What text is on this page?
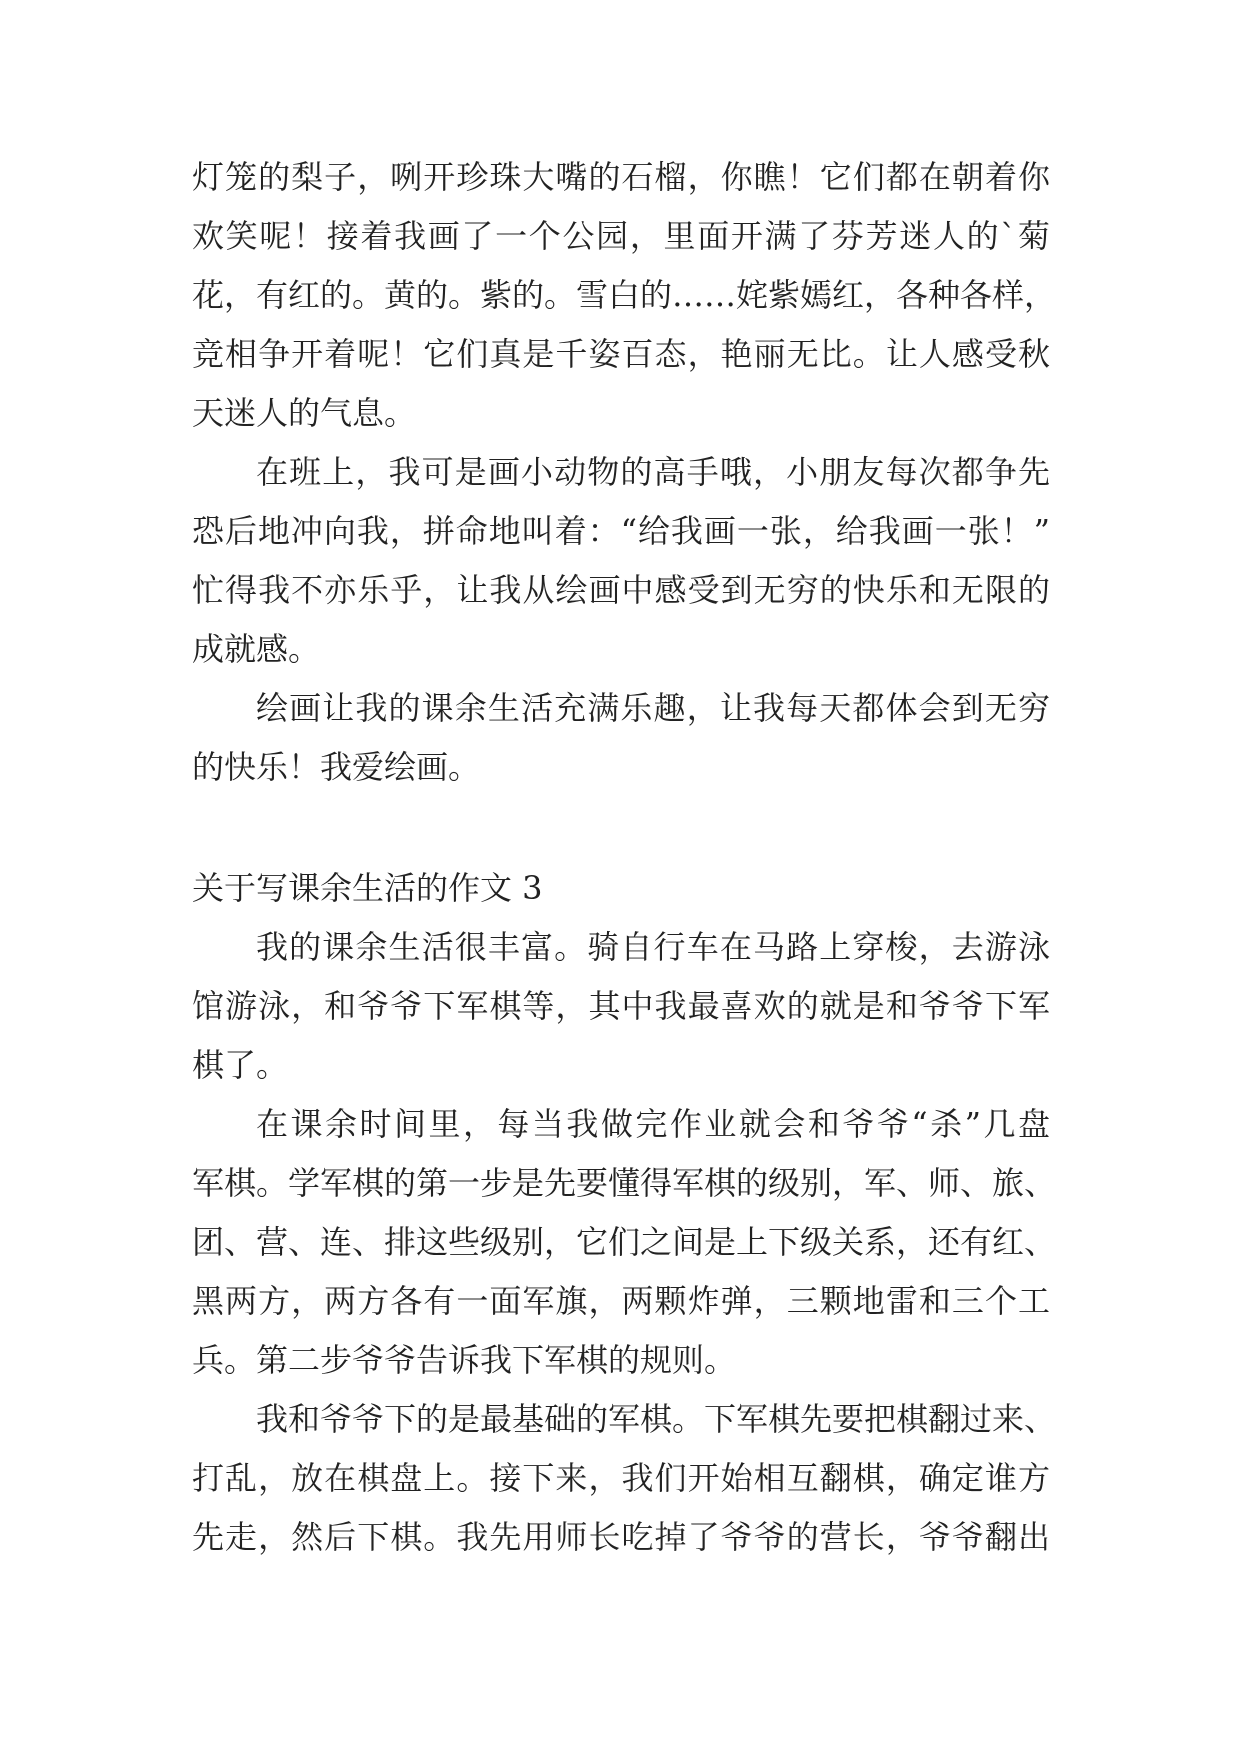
灯笼的梨子，咧开珍珠大嘴的石榴，你瞧！它们都在朝着你
欢笑呢！接着我画了一个公园，里面开满了芬芳迷人的`菊
花，有红的。黄的。紫的。雪白的……姹紫嫣红，各种各样，
竞相争开着呢！它们真是千姿百态，艳丽无比。让人感受秋
天迷人的气息。
在班上，我可是画小动物的高手哦，小朋友每次都争先
恐后地冲向我，拼命地叫着：“给我画一张，给我画一张！”
忙得我不亦乐乎，让我从绘画中感受到无穷的快乐和无限的
成就感。
绘画让我的课余生活充满乐趣，让我每天都体会到无穷
的快乐！我爱绘画。
关于写课余生活的作文 3
我的课余生活很丰富。骑自行车在马路上穿梭，去游泳
馆游泳，和爷爷下军棋等，其中我最喜欢的就是和爷爷下军
棋了。
在课余时间里，每当我做完作业就会和爷爷“杀”几盘
军棋。学军棋的第一步是先要懂得军棋的级别，军、师、旅、
团、营、连、排这些级别，它们之间是上下级关系，还有红、
黑两方，两方各有一面军旗，两颗炸弹，三颗地雷和三个工
兵。第二步爷爷告诉我下军棋的规则。
我和爷爷下的是最基础的军棋。下军棋先要把棋翻过来、
打乱，放在棋盘上。接下来，我们开始相互翻棋，确定谁方
先走，然后下棋。我先用师长吃掉了爷爷的营长，爷爷翻出
